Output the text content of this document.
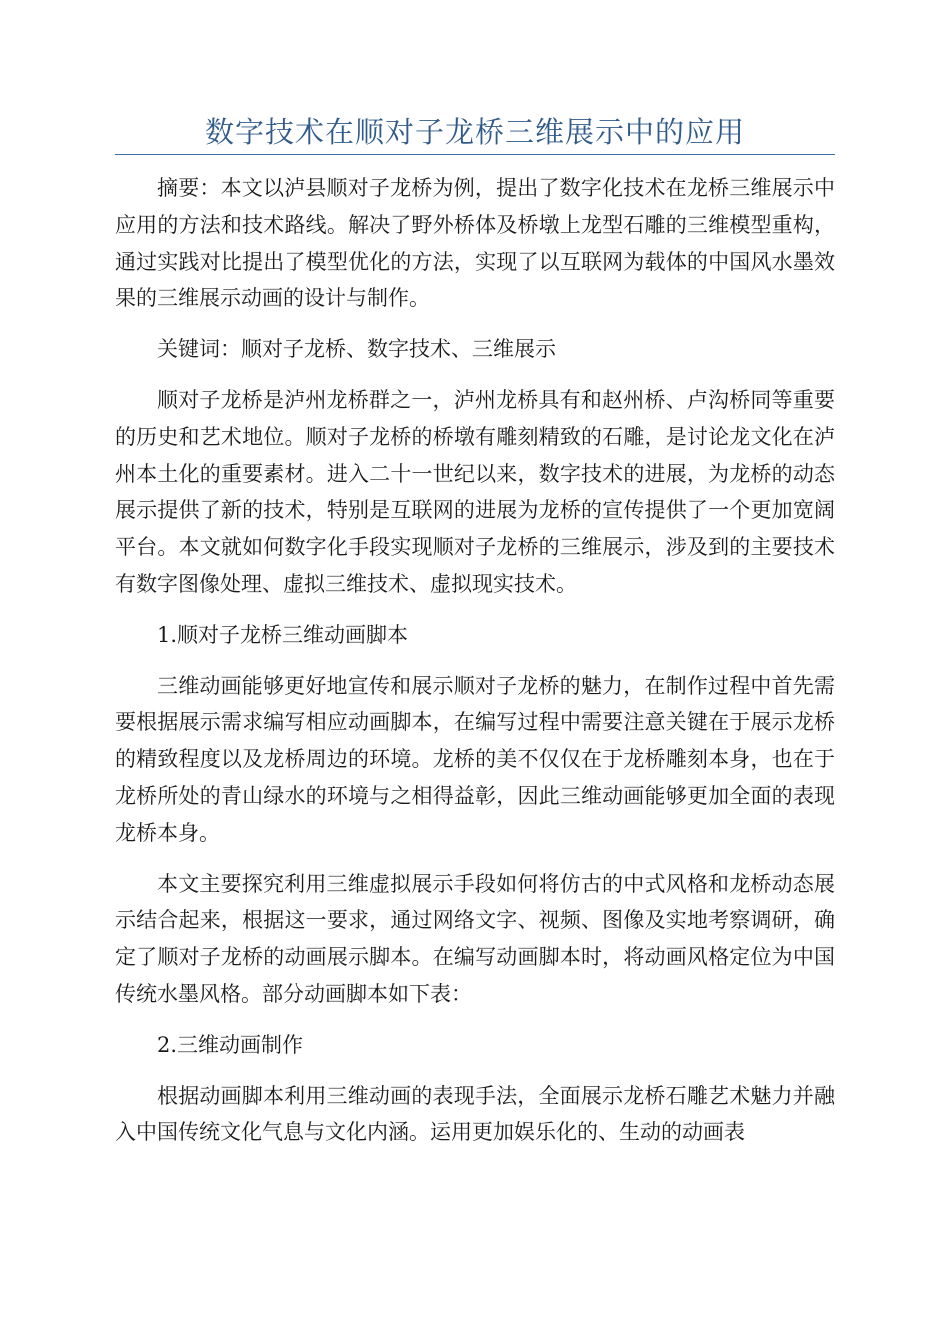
数字技术在顺对子龙桥三维展示中的应用

摘要：本文以泸县顺对子龙桥为例，提出了数字化技术在龙桥三维展示中应用的方法和技术路线。解决了野外桥体及桥墩上龙型石雕的三维模型重构，通过实践对比提出了模型优化的方法，实现了以互联网为载体的中国风水墨效果的三维展示动画的设计与制作。

关键词：顺对子龙桥、数字技术、三维展示

顺对子龙桥是泸州龙桥群之一，泸州龙桥具有和赵州桥、卢沟桥同等重要的历史和艺术地位。顺对子龙桥的桥墩有雕刻精致的石雕，是讨论龙文化在泸州本土化的重要素材。进入二十一世纪以来，数字技术的进展，为龙桥的动态展示提供了新的技术，特别是互联网的进展为龙桥的宣传提供了一个更加宽阔平台。本文就如何数字化手段实现顺对子龙桥的三维展示，涉及到的主要技术有数字图像处理、虚拟三维技术、虚拟现实技术。

1.顺对子龙桥三维动画脚本

三维动画能够更好地宣传和展示顺对子龙桥的魅力，在制作过程中首先需要根据展示需求编写相应动画脚本，在编写过程中需要注意关键在于展示龙桥的精致程度以及龙桥周边的环境。龙桥的美不仅仅在于龙桥雕刻本身，也在于龙桥所处的青山绿水的环境与之相得益彰，因此三维动画能够更加全面的表现龙桥本身。

本文主要探究利用三维虚拟展示手段如何将仿古的中式风格和龙桥动态展示结合起来，根据这一要求，通过网络文字、视频、图像及实地考察调研，确定了顺对子龙桥的动画展示脚本。在编写动画脚本时，将动画风格定位为中国传统水墨风格。部分动画脚本如下表：

2.三维动画制作

根据动画脚本利用三维动画的表现手法，全面展示龙桥石雕艺术魅力并融入中国传统文化气息与文化内涵。运用更加娱乐化的、生动的动画表
